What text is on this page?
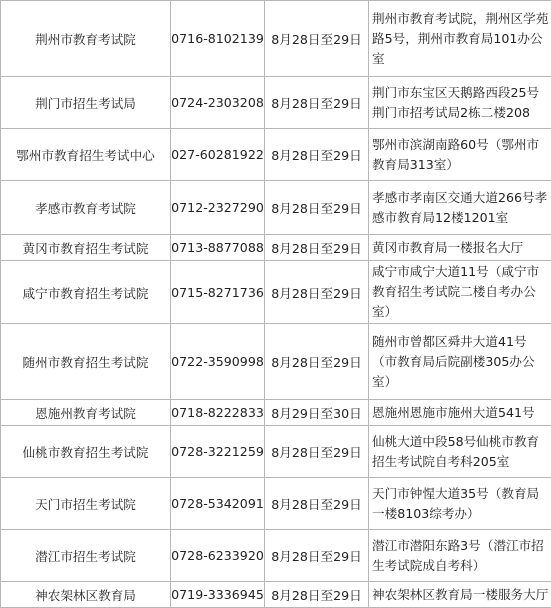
荆州市教育考试院	0716-8102139	8月28日至29日	荆州市教育考试院，荆州区学苑路5号，荆州市教育局101办公室
荆门市招生考试局	0724-2303208	8月28日至29日	荆门市东宝区天鹅路西段25号荆门市招考试局2栋二楼208
鄂州市教育招生考试中心	027-60281922	8月28日至29日	鄂州市滨湖南路60号（鄂州市教育局313室）
孝感市教育考试院	0712-2327290	8月28日至29日	孝感市孝南区交通大道266号孝感市教育局12楼1201室
黄冈市教育招生考试院	0713-8877088	8月28日至29日	黄冈市教育局一楼报名大厅
咸宁市教育招生考试院	0715-8271736	8月28日至29日	咸宁市咸宁大道11号（咸宁市教育招生考试院二楼自考办公室）
随州市教育招生考试院	0722-3590998	8月28日至29日	随州市曾都区舜井大道41号（市教育局后院副楼305办公室）
恩施州教育考试院	0718-8222833	8月29日至30日	恩施州恩施市施州大道541号
仙桃市教育招生考试院	0728-3221259	8月28日至29日	仙桃大道中段58号仙桃市教育招生考试院自考科205室
天门市招生考试院	0728-5342091	8月28日至29日	天门市钟惺大道35号（教育局一楼8103综考办）
潜江市招生考试院	0728-6233920	8月28日至29日	潜江市潜阳东路3号（潜江市招生考试院成自考科）
神农架林区教育局	0719-3336945	8月28日至29日	神农架林区教育局一楼服务大厅
